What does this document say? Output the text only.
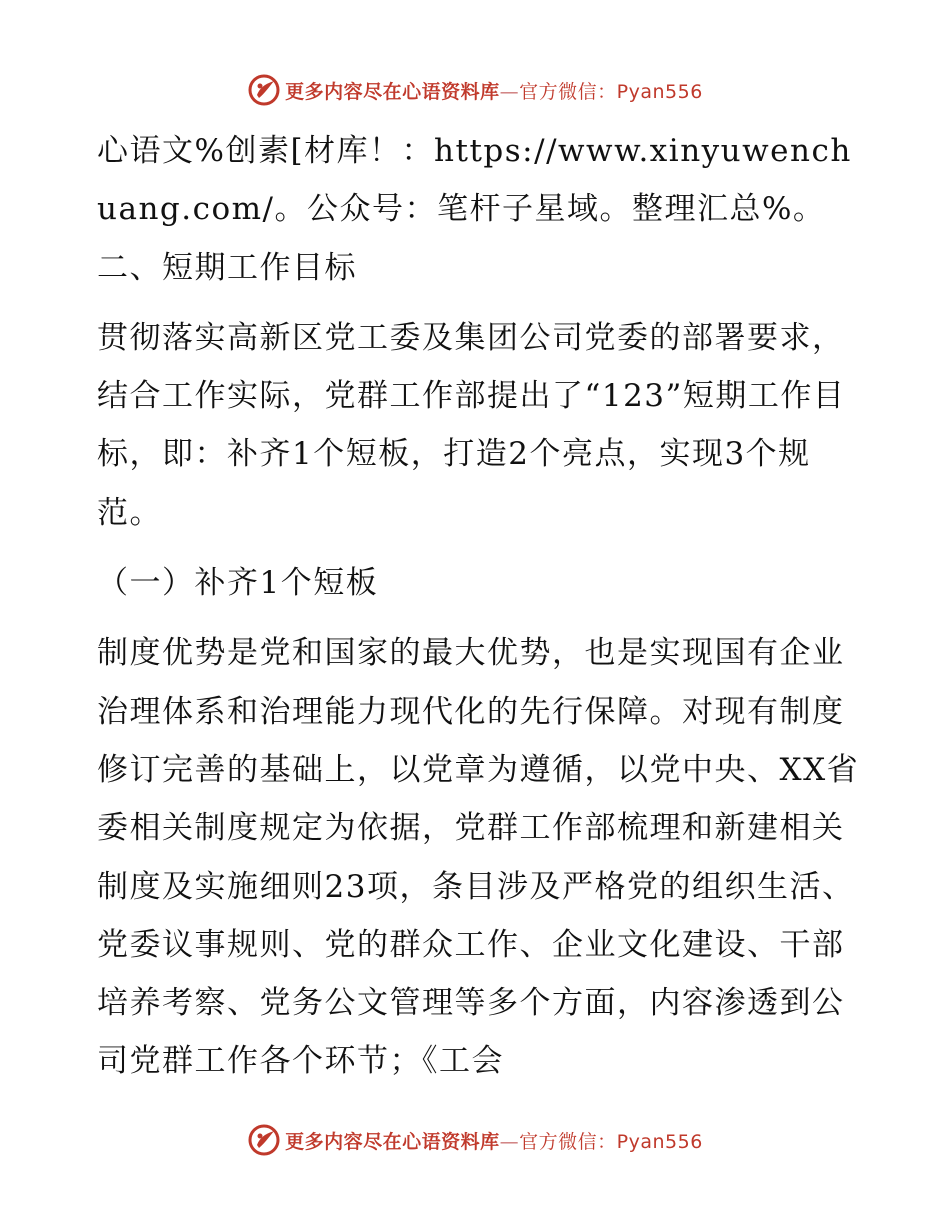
更多内容尽在心语资料库—官方微信：Pyan556

心语文%创素[材库！：https://www.xinyuwenchuang.com/。公众号：笔杆子星域。整理汇总%。二、短期工作目标

贯彻落实高新区党工委及集团公司党委的部署要求，结合工作实际，党群工作部提出了“123”短期工作目标，即：补齐1个短板，打造2个亮点，实现3个规范。

（一）补齐1个短板

制度优势是党和国家的最大优势，也是实现国有企业治理体系和治理能力现代化的先行保障。对现有制度修订完善的基础上，以党章为遵循，以党中央、XX省委相关制度规定为依据，党群工作部梳理和新建相关制度及实施细则23项，条目涉及严格党的组织生活、党委议事规则、党的群众工作、企业文化建设、干部培养考察、党务公文管理等多个方面，内容渗透到公司党群工作各个环节；《工会

更多内容尽在心语资料库—官方微信：Pyan556
